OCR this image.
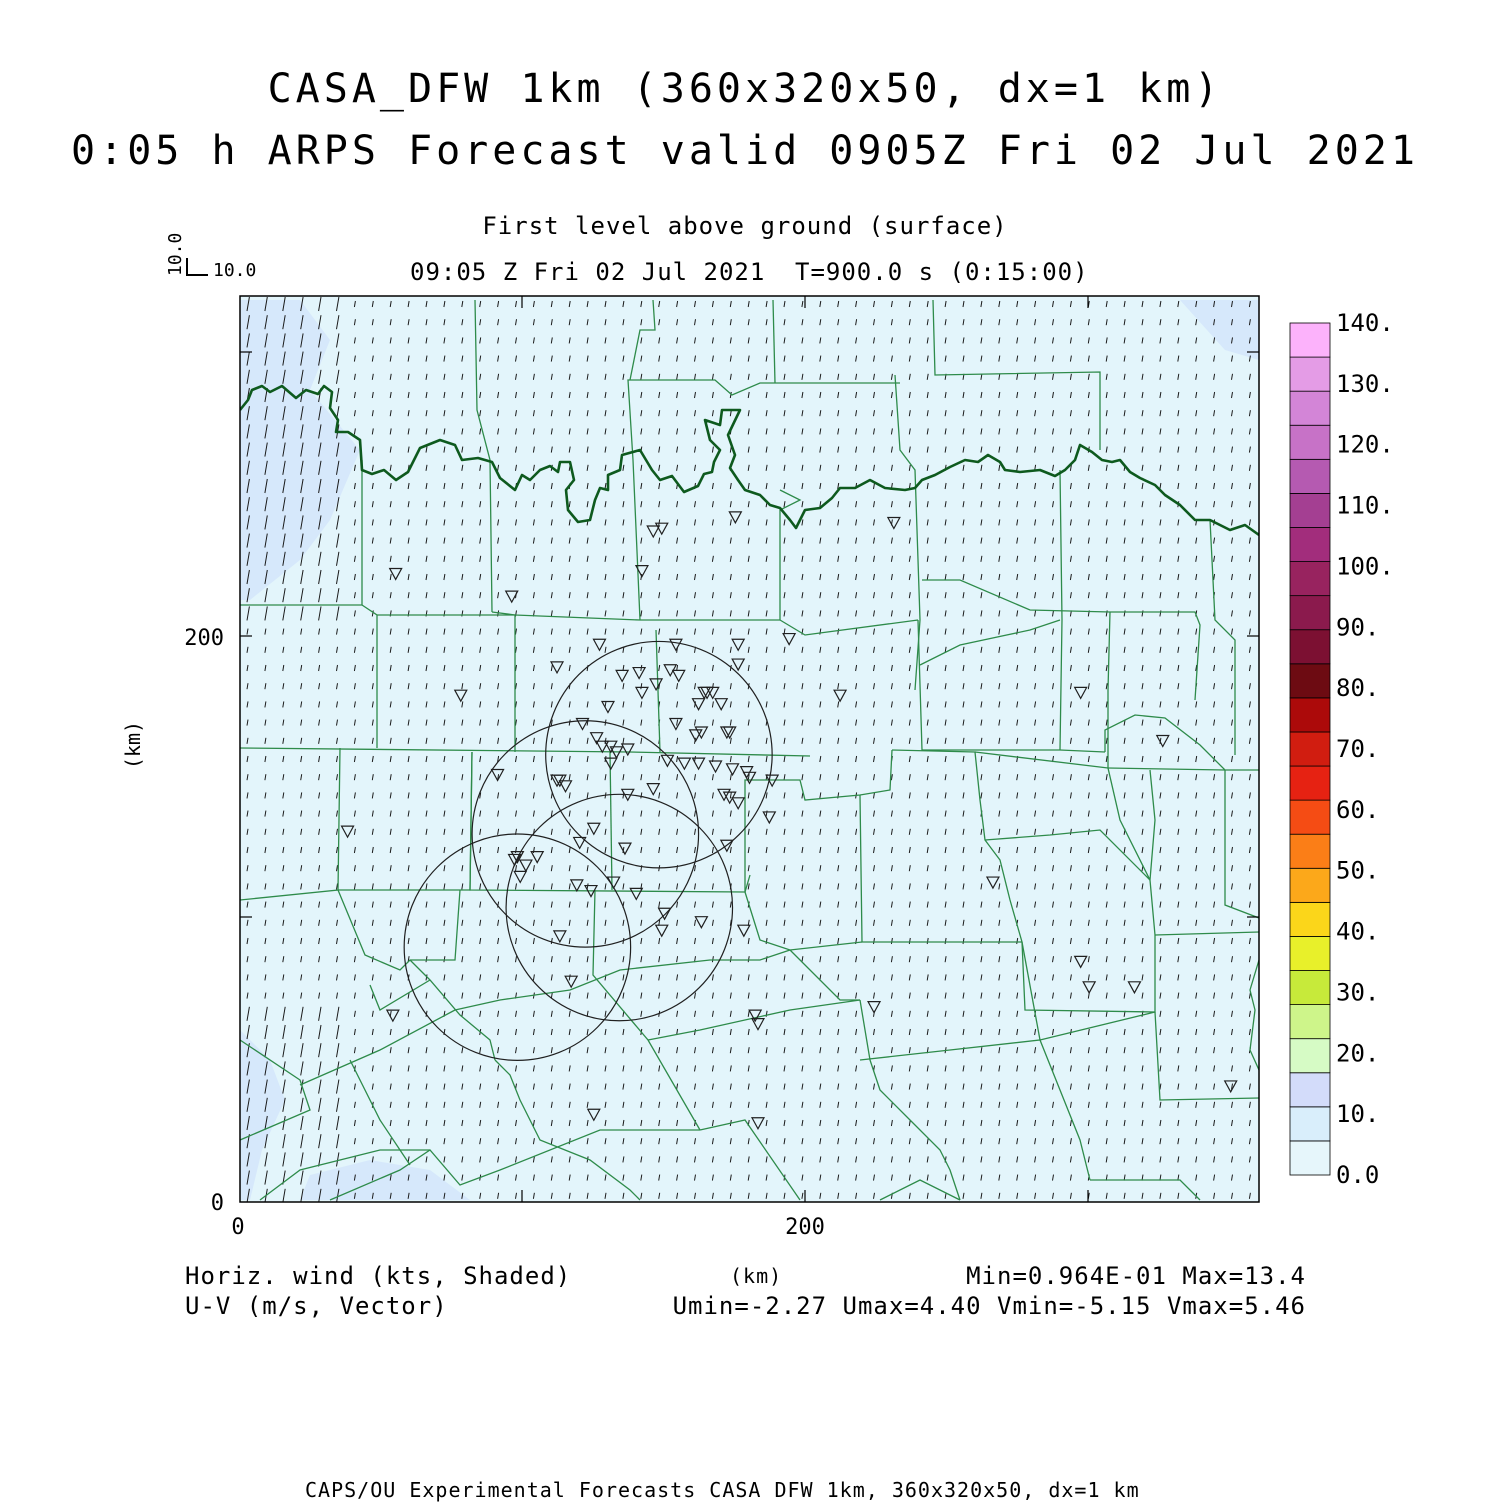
CASA_DFW 1km (360x320x50, dx=1 km)
0:05 h ARPS Forecast valid 0905Z Fri 02 Jul 2021
First level above ground (surface)
09:05 Z Fri 02 Jul 2021 T=900.0 s (0:15:00)
10.0
10.0
0	200
0
200
(km)
0.0
10.
20.
30.
40.
50.
60.
70.
80.
90.
100.
110.
120.
130.
140.
Horiz. wind (kts, Shaded)
U-V (m/s, Vector)
(km)	Min=0.964E-01 Max=13.4
Umin=-2.27 Umax=4.40 Vmin=-5.15 Vmax=5.46
CAPS/OU Experimental Forecasts CASA DFW 1km, 360x320x50, dx=1 km
